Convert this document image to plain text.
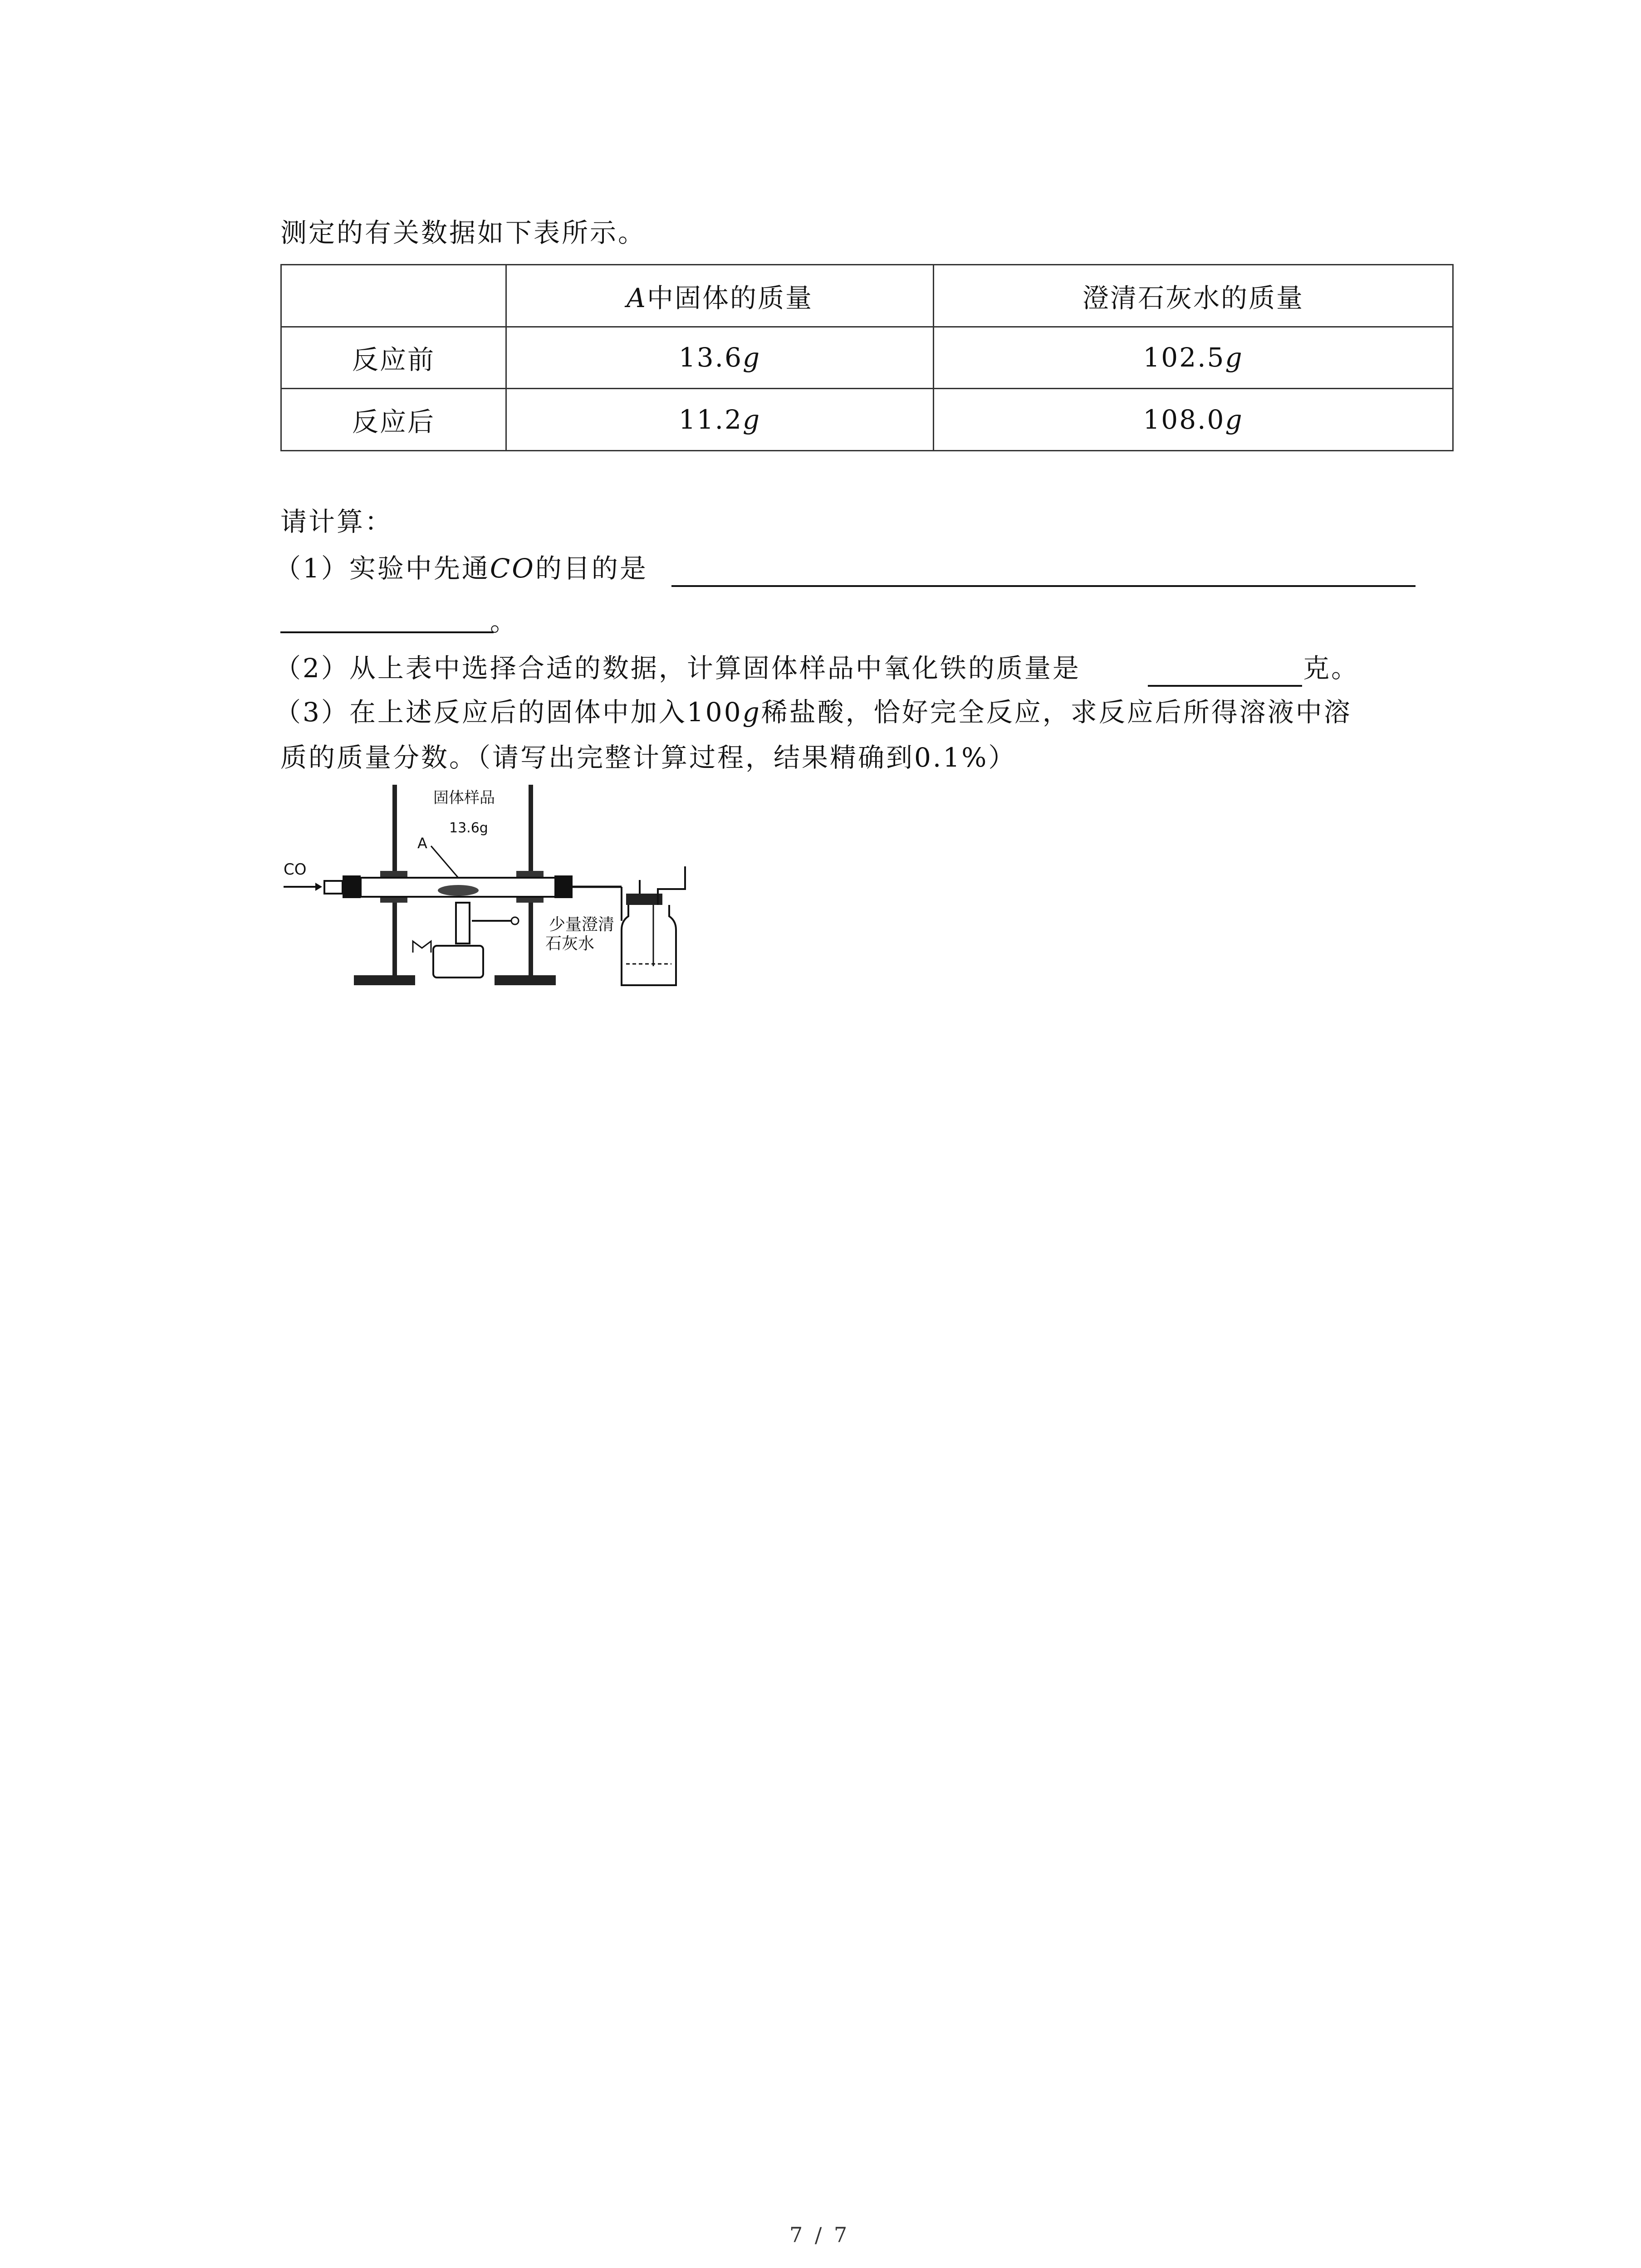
测定的有关数据如下表所示。
	A中固体的质量	澄清石灰水的质量
反应前	13.6g	102.5g
反应后	11.2g	108.0g
请计算：
（1）实验中先通CO的目的是
。
（2）从上表中选择合适的数据，计算固体样品中氧化铁的质量是	克。
（3）在上述反应后的固体中加入100g稀盐酸，恰好完全反应，求反应后所得溶液中溶
质的质量分数。（请写出完整计算过程，结果精确到0.1%）
CO
固体样品
13.6g
A
少量澄清
石灰水
7 / 7
